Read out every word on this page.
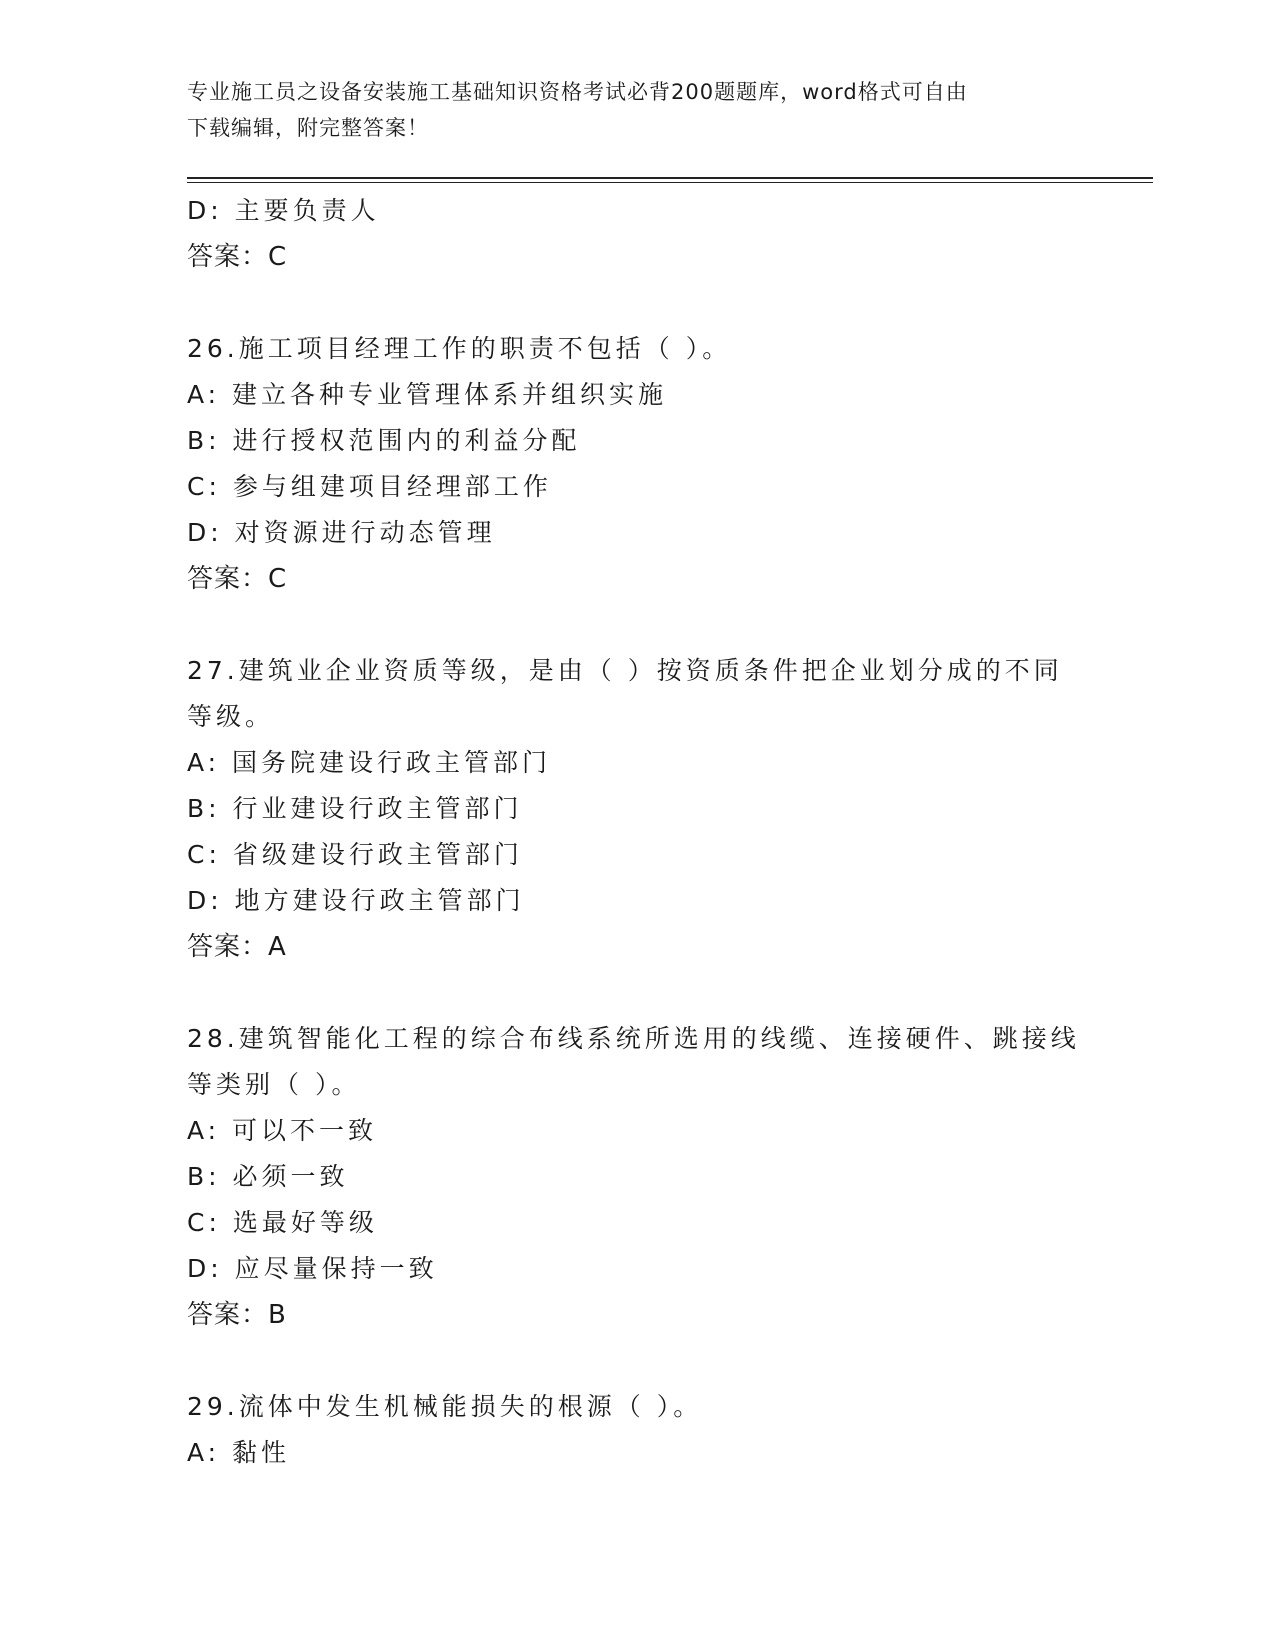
专业施工员之设备安装施工基础知识资格考试必背200题题库，word格式可自由
下载编辑，附完整答案！
D: 主要负责人
答案：C
26.施工项目经理工作的职责不包括（ ）。
A: 建立各种专业管理体系并组织实施
B: 进行授权范围内的利益分配
C: 参与组建项目经理部工作
D: 对资源进行动态管理
答案：C
27.建筑业企业资质等级，是由（ ）按资质条件把企业划分成的不同
等级。
A: 国务院建设行政主管部门
B: 行业建设行政主管部门
C: 省级建设行政主管部门
D: 地方建设行政主管部门
答案：A
28.建筑智能化工程的综合布线系统所选用的线缆、连接硬件、跳接线
等类别（ ）。
A: 可以不一致
B: 必须一致
C: 选最好等级
D: 应尽量保持一致
答案：B
29.流体中发生机械能损失的根源（ ）。
A: 黏性
